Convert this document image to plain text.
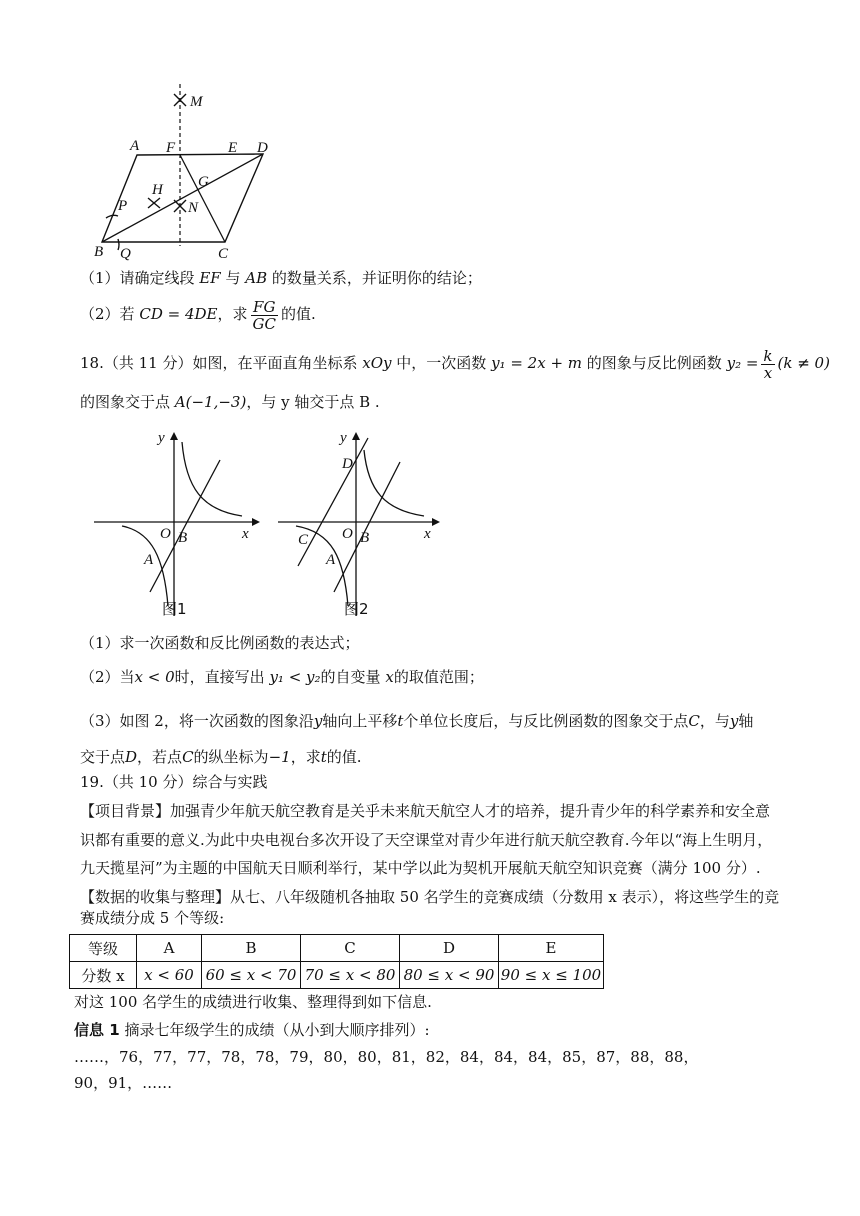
M
A F	E D
G
H
P	N
B Q	C
（1）请确定线段 EF 与 AB 的数量关系，并证明你的结论；
（2）若 CD = 4DE，求 $\frac{FG}{GC}$ 的值.
18.（共 11 分）如图，在平面直角坐标系 xOy 中，一次函数 y₁ = 2x + m 的图象与反比例函数 $y_2 = \frac{k}{x} (k \ne 0)$
的图象交于点 A(−1,−3)，与 y 轴交于点 B .
y
x
O B
A
图1
y
D
x
O B
C
A
图2
（1）求一次函数和反比例函数的表达式；
（2）当x < 0时，直接写出 y₁ < y₂的自变量 x的取值范围；
（3）如图 2，将一次函数的图象沿y轴向上平移t个单位长度后，与反比例函数的图象交于点C，与y轴
交于点D，若点C的纵坐标为−1，求t的值.
19.（共 10 分）综合与实践
【项目背景】加强青少年航天航空教育是关乎未来航天航空人才的培养，提升青少年的科学素养和安全意
识都有重要的意义.为此中央电视台多次开设了天空课堂对青少年进行航天航空教育.今年以“海上生明月，
九天揽星河”为主题的中国航天日顺利举行，某中学以此为契机开展航天航空知识竞赛（满分 100 分）.
【数据的收集与整理】从七、八年级随机各抽取 50 名学生的竞赛成绩（分数用 x 表示），将这些学生的竞
赛成绩分成 5 个等级:
等级	A	B	C	D	E
分数 x	x < 60	60 ≤ x < 70	70 ≤ x < 80	80 ≤ x < 90	90 ≤ x ≤ 100
对这 100 名学生的成绩进行收集、整理得到如下信息.
信息 1 摘录七年级学生的成绩（从小到大顺序排列）:
……，76，77，77，78，78，79，80，80，81，82，84，84，84，85，87，88，88，
90，91，……
